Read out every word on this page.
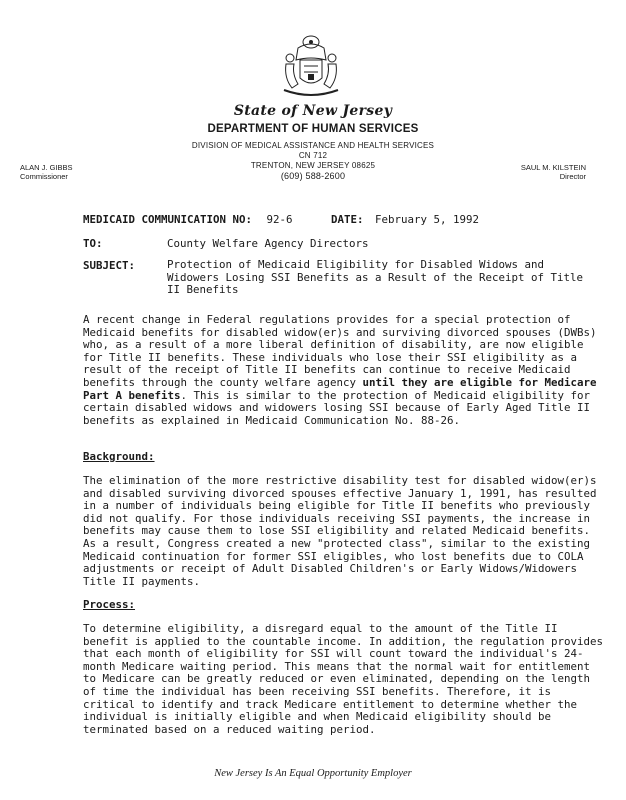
State of New Jersey
DEPARTMENT OF HUMAN SERVICES
DIVISION OF MEDICAL ASSISTANCE AND HEALTH SERVICES
CN 712
TRENTON, NEW JERSEY 08625
(609) 588-2600
ALAN J. GIBBS
Commissioner
SAUL M. KILSTEIN
Director
MEDICAID COMMUNICATION NO: 92-6	DATE: February 5, 1992
TO:	County Welfare Agency Directors
SUBJECT:	Protection of Medicaid Eligibility for Disabled Widows and Widowers Losing SSI Benefits as a Result of the Receipt of Title II Benefits
A recent change in Federal regulations provides for a special protection of Medicaid benefits for disabled widow(er)s and surviving divorced spouses (DWBs) who, as a result of a more liberal definition of disability, are now eligible for Title II benefits. These individuals who lose their SSI eligibility as a result of the receipt of Title II benefits can continue to receive Medicaid benefits through the county welfare agency until they are eligible for Medicare Part A benefits. This is similar to the protection of Medicaid eligibility for certain disabled widows and widowers losing SSI because of Early Aged Title II benefits as explained in Medicaid Communication No. 88-26.
Background:
The elimination of the more restrictive disability test for disabled widow(er)s and disabled surviving divorced spouses effective January 1, 1991, has resulted in a number of individuals being eligible for Title II benefits who previously did not qualify. For those individuals receiving SSI payments, the increase in benefits may cause them to lose SSI eligibility and related Medicaid benefits. As a result, Congress created a new "protected class", similar to the existing Medicaid continuation for former SSI eligibles, who lost benefits due to COLA adjustments or receipt of Adult Disabled Children's or Early Widows/Widowers Title II payments.
Process:
To determine eligibility, a disregard equal to the amount of the Title II benefit is applied to the countable income. In addition, the regulation provides that each month of eligibility for SSI will count toward the individual's 24-month Medicare waiting period. This means that the normal wait for entitlement to Medicare can be greatly reduced or even eliminated, depending on the length of time the individual has been receiving SSI benefits. Therefore, it is critical to identify and track Medicare entitlement to determine whether the individual is initially eligible and when Medicaid eligibility should be terminated based on a reduced waiting period.
New Jersey Is An Equal Opportunity Employer
